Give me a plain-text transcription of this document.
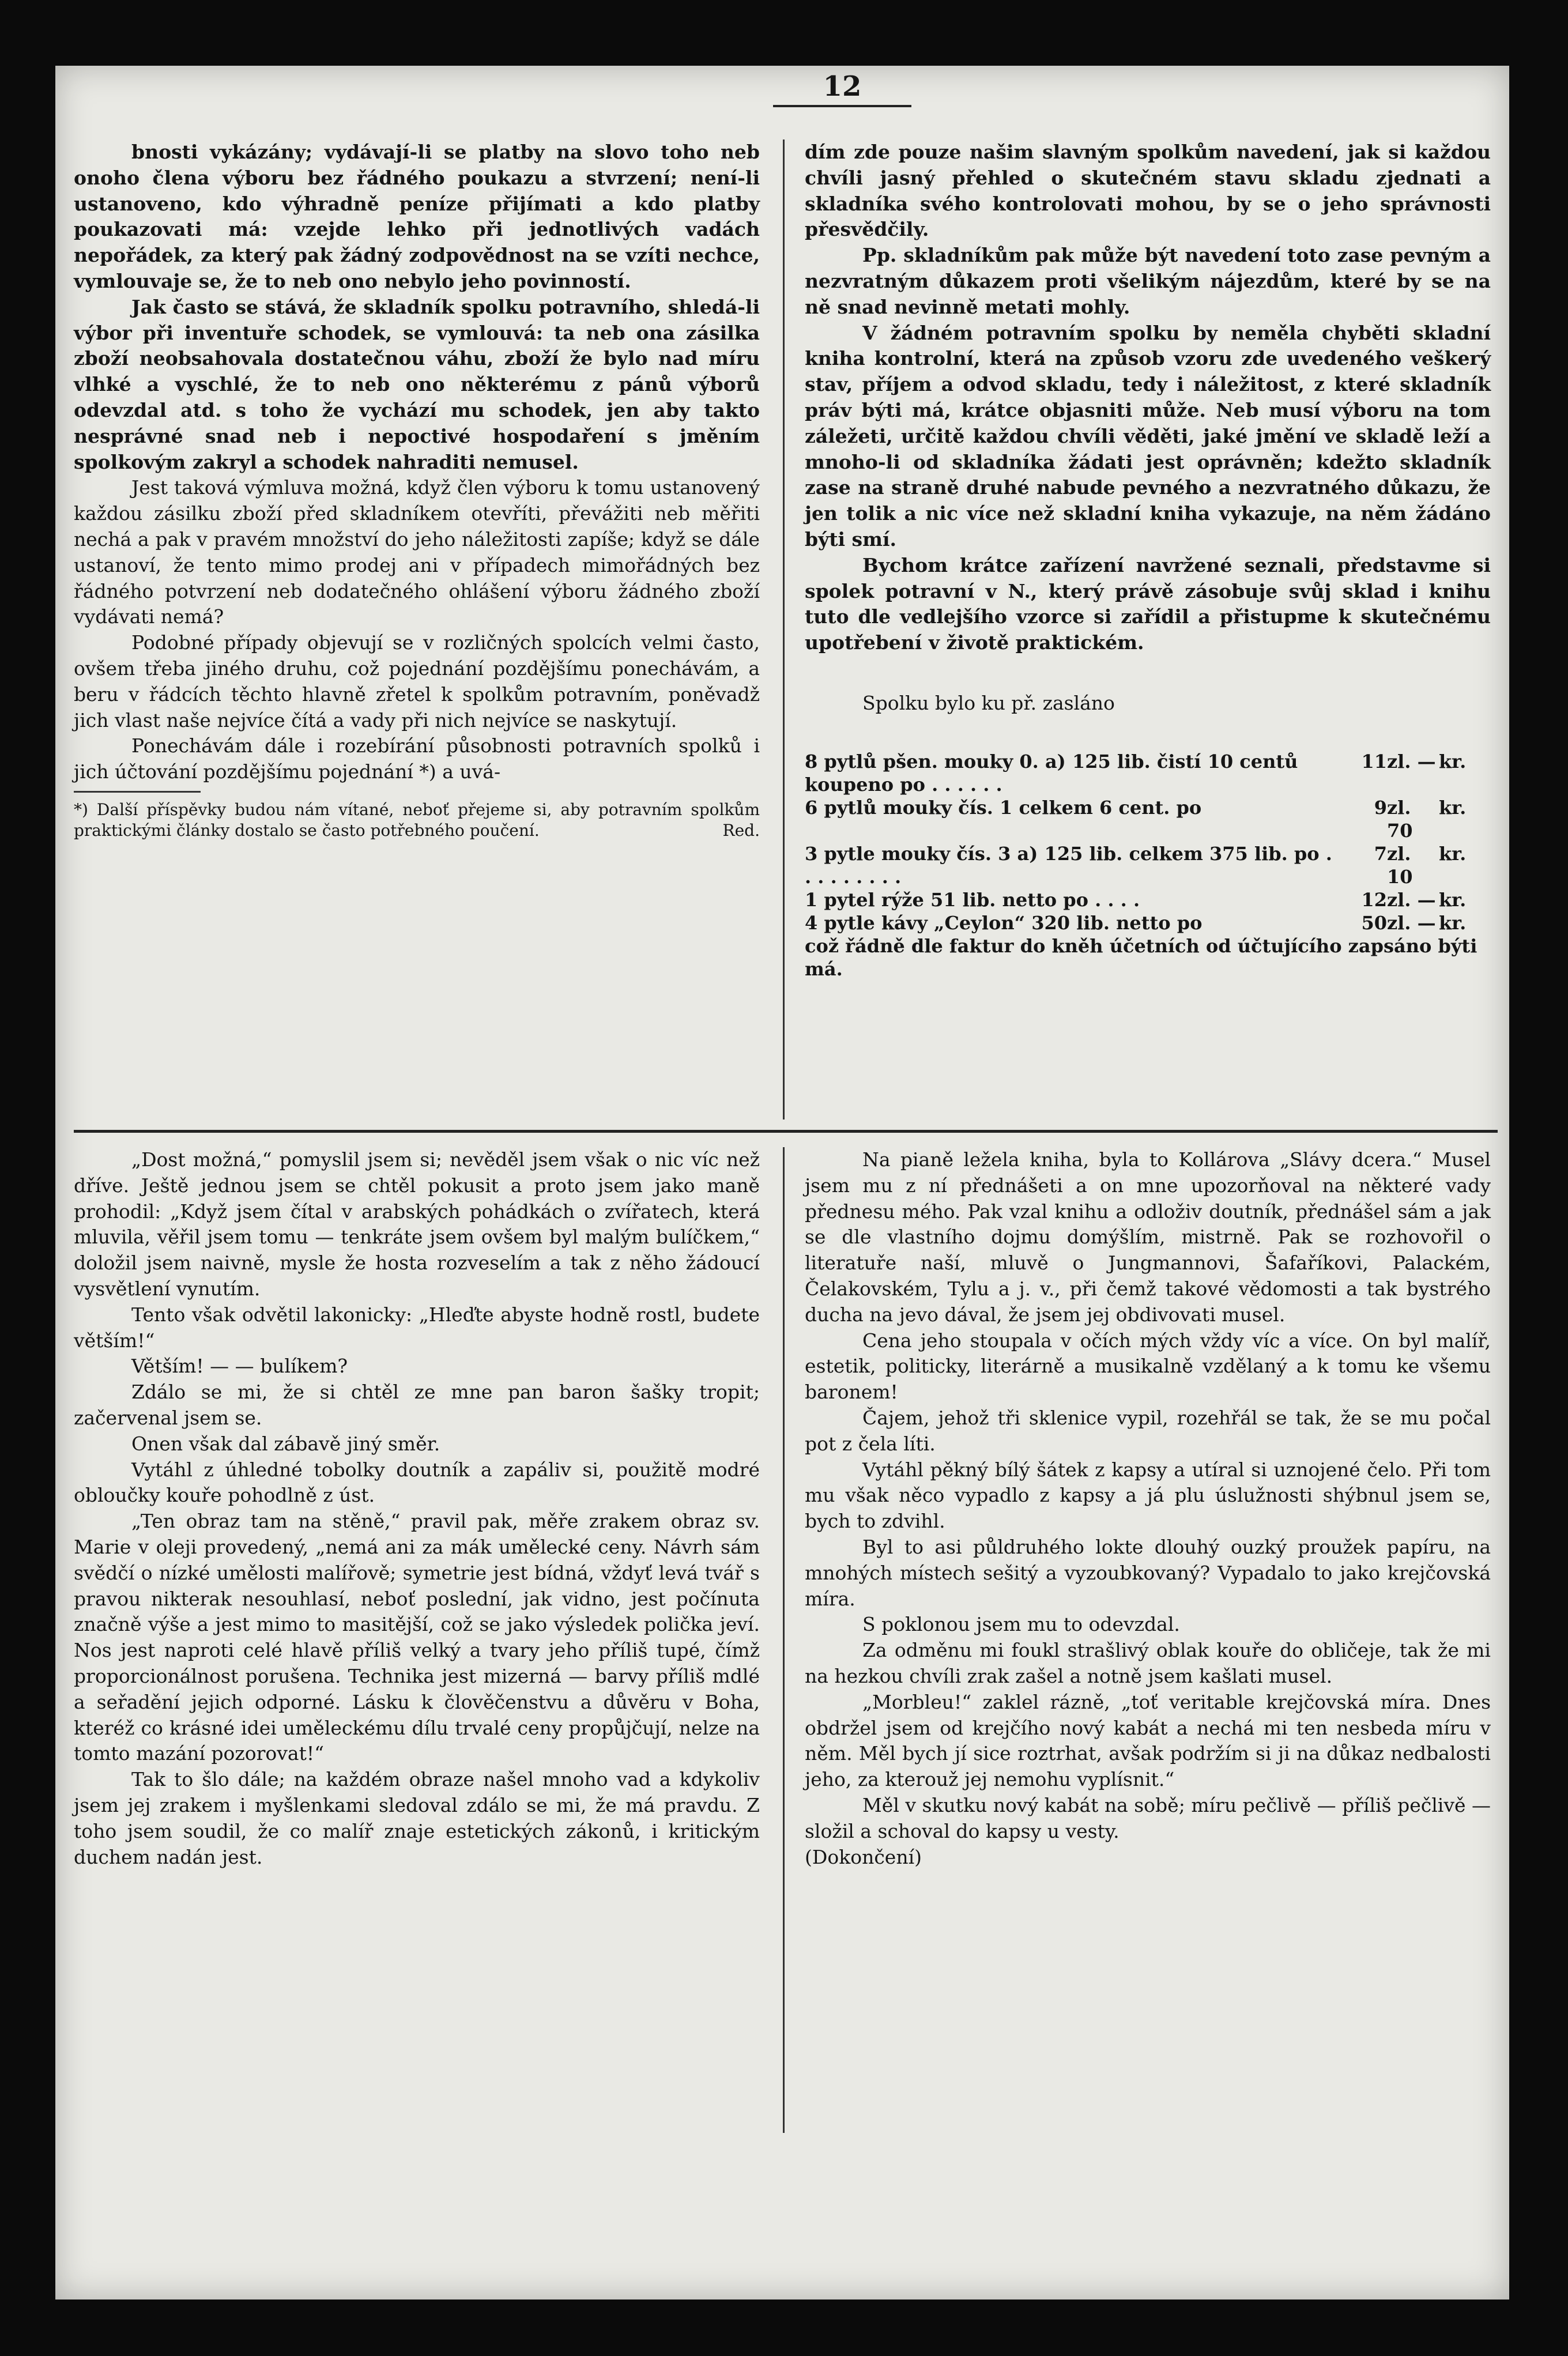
12

bnosti vykázány; vydávají-li se platby na slovo toho neb onoho člena výboru bez řádného poukazu a stvrzení; není-li ustanoveno, kdo výhradně peníze přijímati a kdo platby poukazovati má: vzejde lehko při jednotlivých vadách nepořádek, za který pak žádný zodpovědnost na se vzíti nechce, vymlouvaje se, že to neb ono nebylo jeho povinností.

Jak často se stává, že skladník spolku potravního, shledá-li výbor při inventuře schodek, se vymlouvá: ta neb ona zásilka zboží neobsahovala dostatečnou váhu, zboží že bylo nad míru vlhké a vyschlé, že to neb ono některému z pánů výborů odevzdal atd. s toho že vychází mu schodek, jen aby takto nesprávné snad neb i nepoctivé hospodaření s jměním spolkovým zakryl a schodek nahraditi nemusel.

Jest taková výmluva možná, když člen výboru k tomu ustanovený každou zásilku zboží před skladníkem otevříti, převážiti neb měřiti nechá a pak v pravém množství do jeho náležitosti zapíše; když se dále ustanoví, že tento mimo prodej ani v případech mimořádných bez řádného potvrzení neb dodatečného ohlášení výboru žádného zboží vydávati nemá?

Podobné případy objevují se v rozličných spolcích velmi často, ovšem třeba jiného druhu, což pojednání pozdějšímu ponechávám, a beru v řádcích těchto hlavně zřetel k spolkům potravním, poněvadž jich vlast naše nejvíce čítá a vady při nich nejvíce se naskytují.

Ponechávám dále i rozebírání působnosti potravních spolků i jich účtování pozdějšímu pojednání *) a uvá-

*) Další příspěvky budou nám vítané, neboť přejeme si, aby potravním spolkům praktickými články dostalo se často potřebného poučení.	Red.

dím zde pouze našim slavným spolkům navedení, jak si každou chvíli jasný přehled o skutečném stavu skladu zjednati a skladníka svého kontrolovati mohou, by se o jeho správnosti přesvědčily.

Pp. skladníkům pak může být navedení toto zase pevným a nezvratným důkazem proti všelikým nájezdům, které by se na ně snad nevinně metati mohly.

V žádném potravním spolku by neměla chyběti skladní kniha kontrolní, která na způsob vzoru zde uvedeného veškerý stav, příjem a odvod skladu, tedy i náležitost, z které skladník práv býti má, krátce objasniti může. Neb musí výboru na tom záležeti, určitě každou chvíli věděti, jaké jmění ve skladě leží a mnoho-li od skladníka žádati jest oprávněn; kdežto skladník zase na straně druhé nabude pevného a nezvratného důkazu, že jen tolik a nic více než skladní kniha vykazuje, na něm žádáno býti smí.

Bychom krátce zařízení navržené seznali, představme si spolek potravní v N., který právě zásobuje svůj sklad i knihu tuto dle vedlejšího vzorce si zařídil a přistupme k skutečnému upotřebení v životě praktickém.

Spolku bylo ku př. zasláno
8 pytlů pšen. mouky 0. a) 125 lib. čistí 10 centů koupeno po . . . . . .	11	zl. —	kr.
6 pytlů mouky čís. 1 celkem 6 cent. po	9	zl. 70	kr.
3 pytle mouky čís. 3 a) 125 lib. celkem 375 lib. po . . . . . . . . .	7	zl. 10	kr.
1 pytel rýže 51 lib. netto po . . . .	12	zl. —	kr.
4 pytle kávy „Ceylon“ 320 lib. netto po	50	zl. —	kr.
což řádně dle faktur do kněh účetních od účtujícího zapsáno býti má.			

„Dost možná,“ pomyslil jsem si; nevěděl jsem však o nic víc než dříve. Ještě jednou jsem se chtěl pokusit a proto jsem jako maně prohodil: „Když jsem čítal v arabských pohádkách o zvířatech, která mluvila, věřil jsem tomu — tenkráte jsem ovšem byl malým bulíčkem,“ doložil jsem naivně, mysle že hosta rozveselím a tak z něho žádoucí vysvětlení vynutím.

Tento však odvětil lakonicky: „Hleďte abyste hodně rostl, budete větším!“

Větším! — — bulíkem?

Zdálo se mi, že si chtěl ze mne pan baron šašky tropit; začervenal jsem se.

Onen však dal zábavě jiný směr.

Vytáhl z úhledné tobolky doutník a zapáliv si, použitě modré obloučky kouře pohodlně z úst.

„Ten obraz tam na stěně,“ pravil pak, měře zrakem obraz sv. Marie v oleji provedený, „nemá ani za mák umělecké ceny. Návrh sám svědčí o nízké umělosti malířově; symetrie jest bídná, vždyť levá tvář s pravou nikterak nesouhlasí, neboť poslední, jak vidno, jest počínuta značně výše a jest mimo to masitější, což se jako výsledek polička jeví. Nos jest naproti celé hlavě příliš velký a tvary jeho příliš tupé, čímž proporcionálnost porušena. Technika jest mizerná — barvy příliš mdlé a seřadění jejich odporné. Lásku k člověčenstvu a důvěru v Boha, kteréž co krásné idei uměleckému dílu trvalé ceny propůjčují, nelze na tomto mazání pozorovat!“

Tak to šlo dále; na každém obraze našel mnoho vad a kdykoliv jsem jej zrakem i myšlenkami sledoval zdálo se mi, že má pravdu. Z toho jsem soudil, že co malíř znaje estetických zákonů, i kritickým duchem nadán jest.

Na pianě ležela kniha, byla to Kollárova „Slávy dcera.“ Musel jsem mu z ní přednášeti a on mne upozorňoval na některé vady přednesu mého. Pak vzal knihu a odloživ doutník, přednášel sám a jak se dle vlastního dojmu domýšlím, mistrně. Pak se rozhovořil o literatuře naší, mluvě o Jungmannovi, Šafaříkovi, Palackém, Čelakovském, Tylu a j. v., při čemž takové vědomosti a tak bystrého ducha na jevo dával, že jsem jej obdivovati musel.

Cena jeho stoupala v očích mých vždy víc a více. On byl malíř, estetik, politicky, literárně a musikalně vzdělaný a k tomu ke všemu baronem!

Čajem, jehož tři sklenice vypil, rozehřál se tak, že se mu počal pot z čela líti.

Vytáhl pěkný bílý šátek z kapsy a utíral si uznojené čelo. Při tom mu však něco vypadlo z kapsy a já plu úslužnosti shýbnul jsem se, bych to zdvihl.

Byl to asi půldruhého lokte dlouhý ouzký proužek papíru, na mnohých místech sešitý a vyzoubkovaný? Vypadalo to jako krejčovská míra.

S poklonou jsem mu to odevzdal.

Za odměnu mi foukl strašlivý oblak kouře do obličeje, tak že mi na hezkou chvíli zrak zašel a notně jsem kašlati musel.

„Morbleu!“ zaklel rázně, „toť veritable krejčovská míra. Dnes obdržel jsem od krejčího nový kabát a nechá mi ten nesbeda míru v něm. Měl bych jí sice roztrhat, avšak podržím si ji na důkaz nedbalosti jeho, za kterouž jej nemohu vyplísnit.“

Měl v skutku nový kabát na sobě; míru pečlivě — příliš pečlivě — složil a schoval do kapsy u vesty.

(Dokončení)
